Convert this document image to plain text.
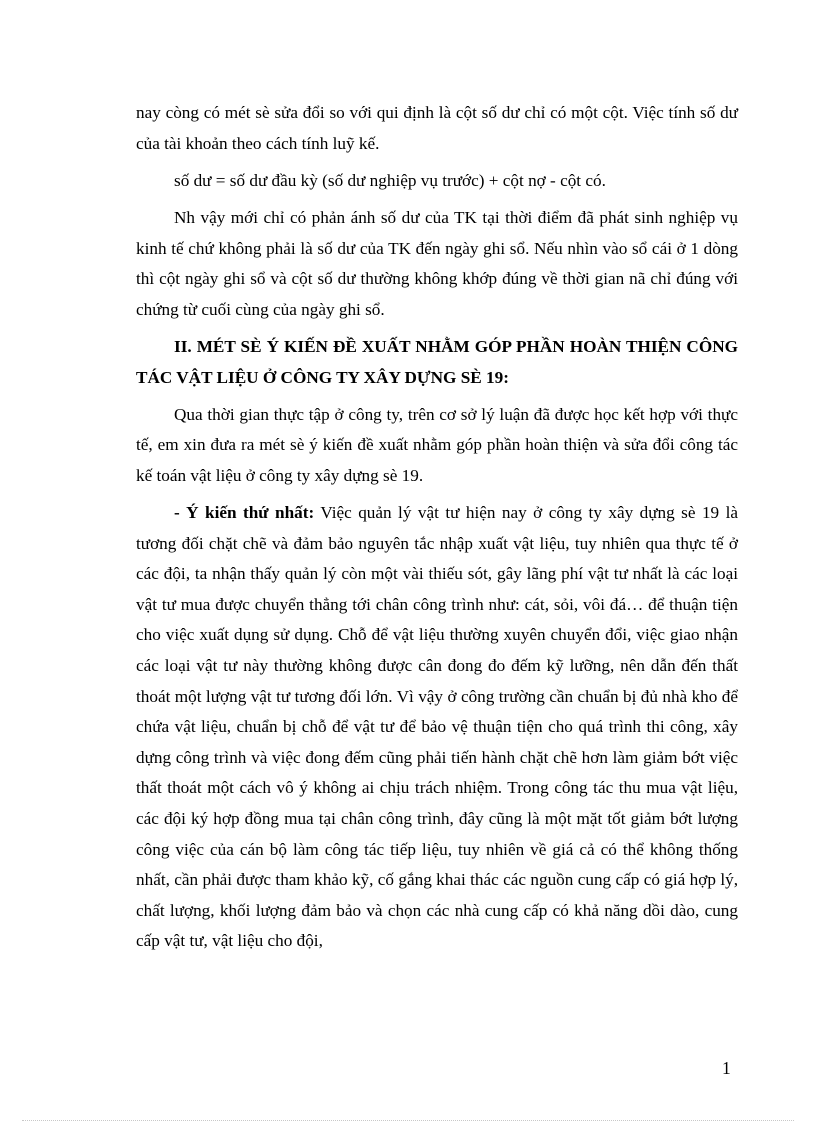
nay còng có mét sè sửa đổi so với qui định là cột số dư chỉ có một cột. Việc tính số dư của tài khoản theo cách tính luỹ kế.

số dư = số dư đầu kỳ (số dư nghiệp vụ trước) + cột nợ - cột có.

Nh vậy mới chỉ có phản ánh số dư của TK tại thời điểm đã phát sinh nghiệp vụ kinh tế chứ không phải là số dư của TK đến ngày ghi sổ. Nếu nhìn vào sổ cái ở 1 dòng thì cột ngày ghi sổ và cột số dư thường không khớp đúng về thời gian nã chỉ đúng với chứng từ cuối cùng của ngày ghi sổ.

II. MÉT SÈ Ý KIẾN ĐỀ XUẤT NHẰM GÓP PHẦN HOÀN THIỆN CÔNG TÁC VẬT LIỆU Ở CÔNG TY XÂY DỰNG SÈ 19:

Qua thời gian thực tập ở công ty, trên cơ sở lý luận đã được học kết hợp với thực tế, em xin đưa ra mét sè ý kiến đề xuất nhằm góp phần hoàn thiện và sửa đổi công tác kế toán vật liệu ở công ty xây dựng sè 19.

- Ý kiến thứ nhất: Việc quản lý vật tư hiện nay ở công ty xây dựng sè 19 là tương đối chặt chẽ và đảm bảo nguyên tắc nhập xuất vật liệu, tuy nhiên qua thực tế ở các đội, ta nhận thấy quản lý còn một vài thiếu sót, gây lãng phí vật tư nhất là các loại vật tư mua được chuyển thẳng tới chân công trình như: cát, sỏi, vôi đá… để thuận tiện cho việc xuất dụng sử dụng. Chỗ để vật liệu thường xuyên chuyển đổi, việc giao nhận các loại vật tư này thường không được cân đong đo đếm kỹ lưỡng, nên dẫn đến thất thoát một lượng vật tư tương đối lớn. Vì vậy ở công trường cần chuẩn bị đủ nhà kho để chứa vật liệu, chuẩn bị chỗ để vật tư để bảo vệ thuận tiện cho quá trình thi công, xây dựng công trình và việc đong đếm cũng phải tiến hành chặt chẽ hơn làm giảm bớt việc thất thoát một cách vô ý không ai chịu trách nhiệm. Trong công tác thu mua vật liệu, các đội ký hợp đồng mua tại chân công trình, đây cũng là một mặt tốt giảm bớt lượng công việc của cán bộ làm công tác tiếp liệu, tuy nhiên về giá cả có thể không thống nhất, cần phải được tham khảo kỹ, cố gắng khai thác các nguồn cung cấp có giá hợp lý, chất lượng, khối lượng đảm bảo và chọn các nhà cung cấp có khả năng dồi dào, cung cấp vật tư, vật liệu cho đội,

1
